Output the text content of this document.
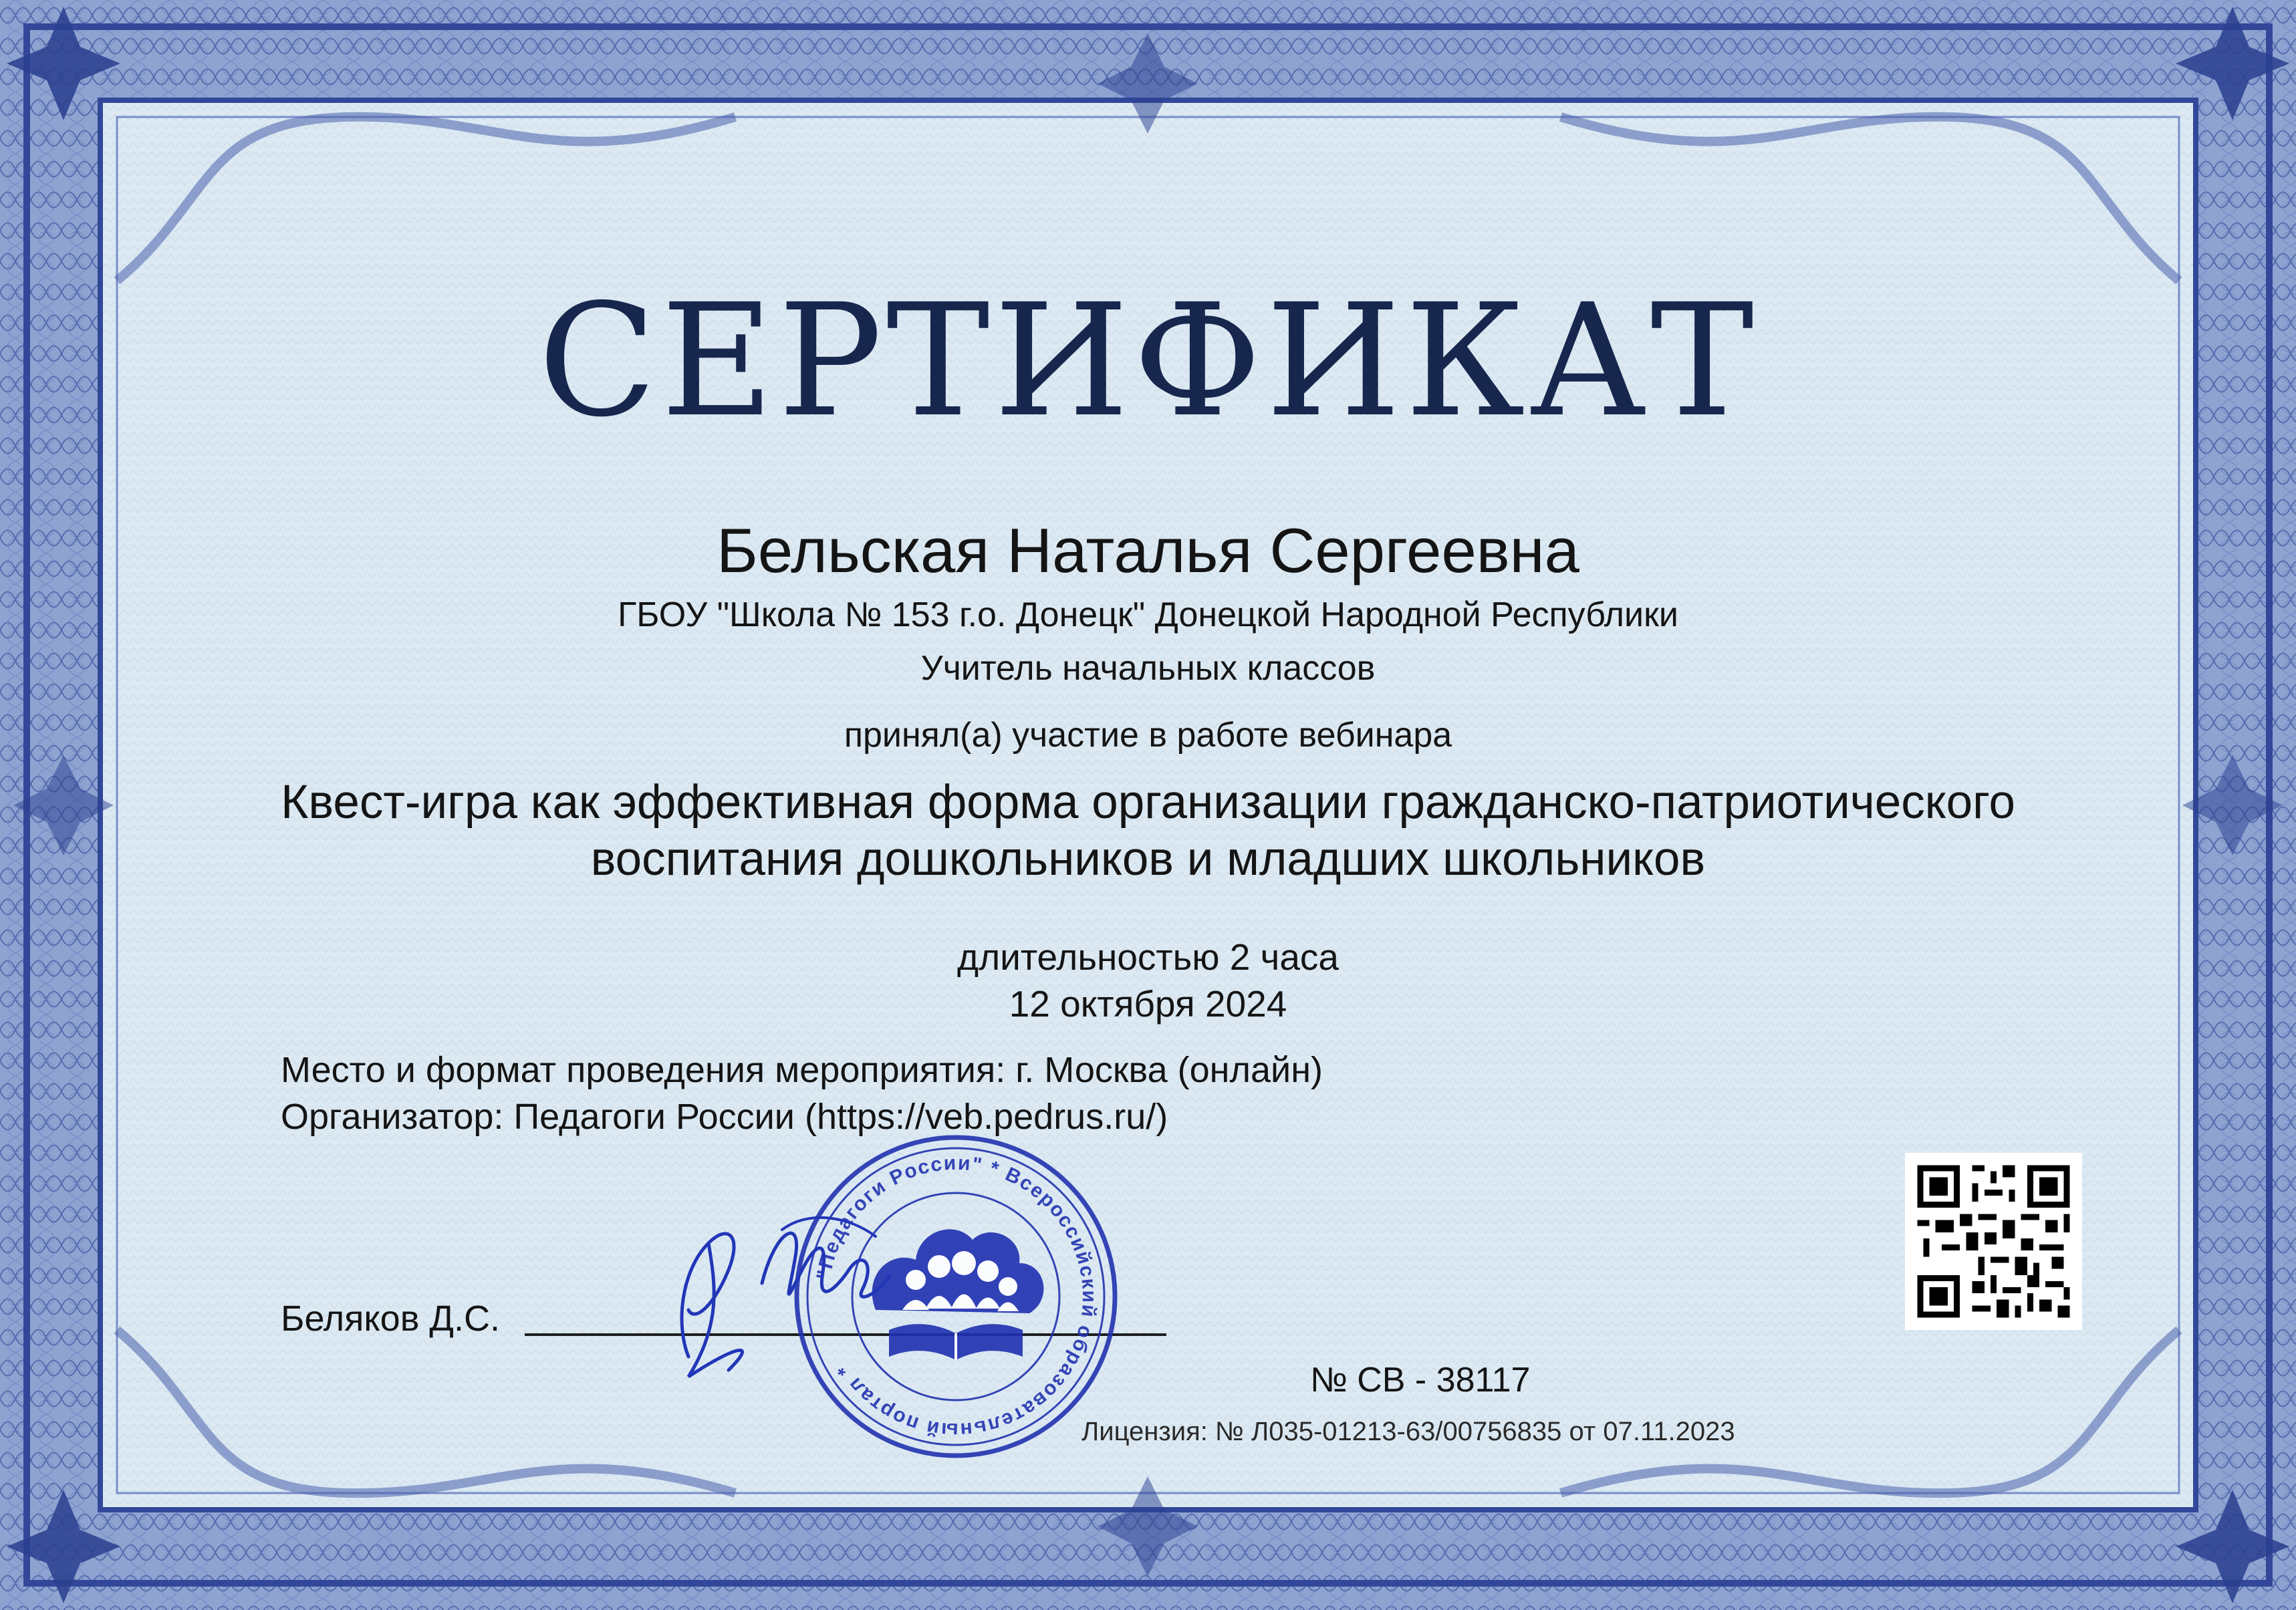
СЕРТИФИКАТ

Бельская Наталья Сергеевна

ГБОУ "Школа № 153 г.о. Донецк" Донецкой Народной Республики

Учитель начальных классов

принял(а) участие в работе вебинара

Квест-игра как эффективная форма организации гражданско-патриотического

воспитания дошкольников и младших школьников

длительностью 2 часа

12 октября 2024

Место и формат проведения мероприятия: г. Москва (онлайн)

Организатор: Педагоги России (https://veb.pedrus.ru/)

Беляков Д.С.
№ СВ - 38117
Лицензия: № Л035-01213-63/00756835 от 07.11.2023
"Педагоги России" * Всероссийский образовательный портал *
